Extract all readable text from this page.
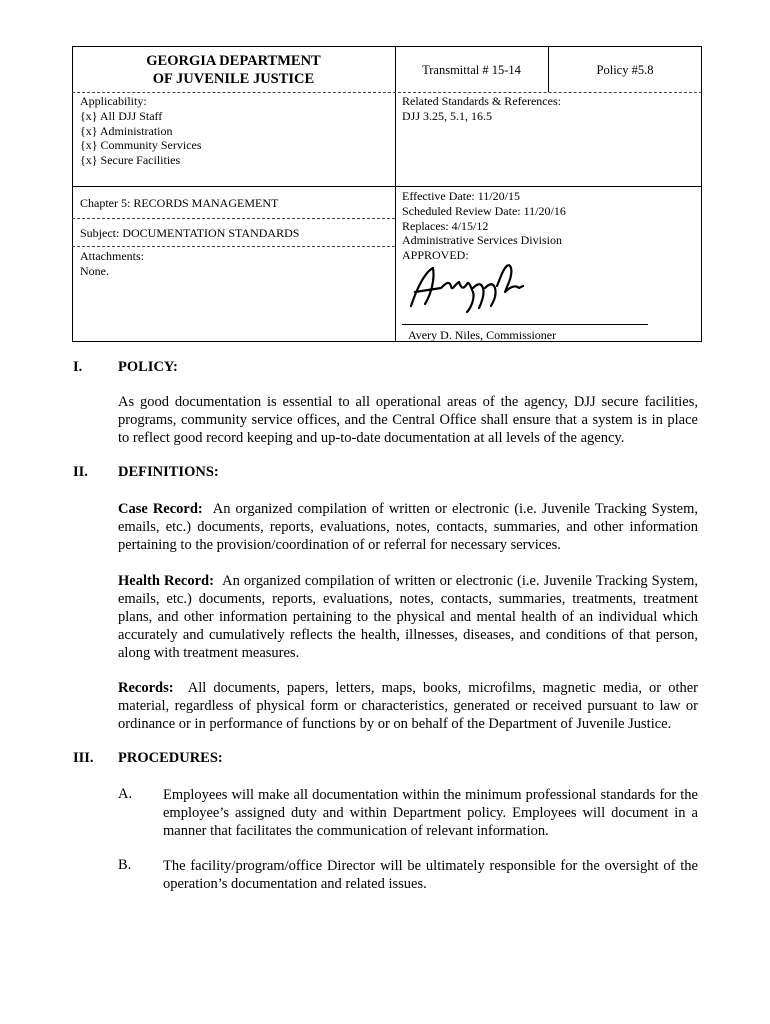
GEORGIA DEPARTMENT
OF JUVENILE JUSTICE
Transmittal # 15-14	Policy #5.8
Applicability:
{x} All DJJ Staff
{x} Administration
{x} Community Services
{x} Secure Facilities
Related Standards & References:
DJJ 3.25, 5.1, 16.5
Chapter 5: RECORDS MANAGEMENT
Subject: DOCUMENTATION STANDARDS
Attachments:
None.
Effective Date: 11/20/15
Scheduled Review Date: 11/20/16
Replaces: 4/15/12
Administrative Services Division
APPROVED:
Avery D. Niles, Commissioner
I. POLICY:
As good documentation is essential to all operational areas of the agency, DJJ secure facilities, programs, community service offices, and the Central Office shall ensure that a system is in place to reflect good record keeping and up-to-date documentation at all levels of the agency.
II. DEFINITIONS:
Case Record: An organized compilation of written or electronic (i.e. Juvenile Tracking System, emails, etc.) documents, reports, evaluations, notes, contacts, summaries, and other information pertaining to the provision/coordination of or referral for necessary services.
Health Record: An organized compilation of written or electronic (i.e. Juvenile Tracking System, emails, etc.) documents, reports, evaluations, notes, contacts, summaries, treatments, treatment plans, and other information pertaining to the physical and mental health of an individual which accurately and cumulatively reflects the health, illnesses, diseases, and conditions of that person, along with treatment measures.
Records: All documents, papers, letters, maps, books, microfilms, magnetic media, or other material, regardless of physical form or characteristics, generated or received pursuant to law or ordinance or in performance of functions by or on behalf of the Department of Juvenile Justice.
III. PROCEDURES:
A. Employees will make all documentation within the minimum professional standards for the employee’s assigned duty and within Department policy. Employees will document in a manner that facilitates the communication of relevant information.
B. The facility/program/office Director will be ultimately responsible for the oversight of the operation’s documentation and related issues.
